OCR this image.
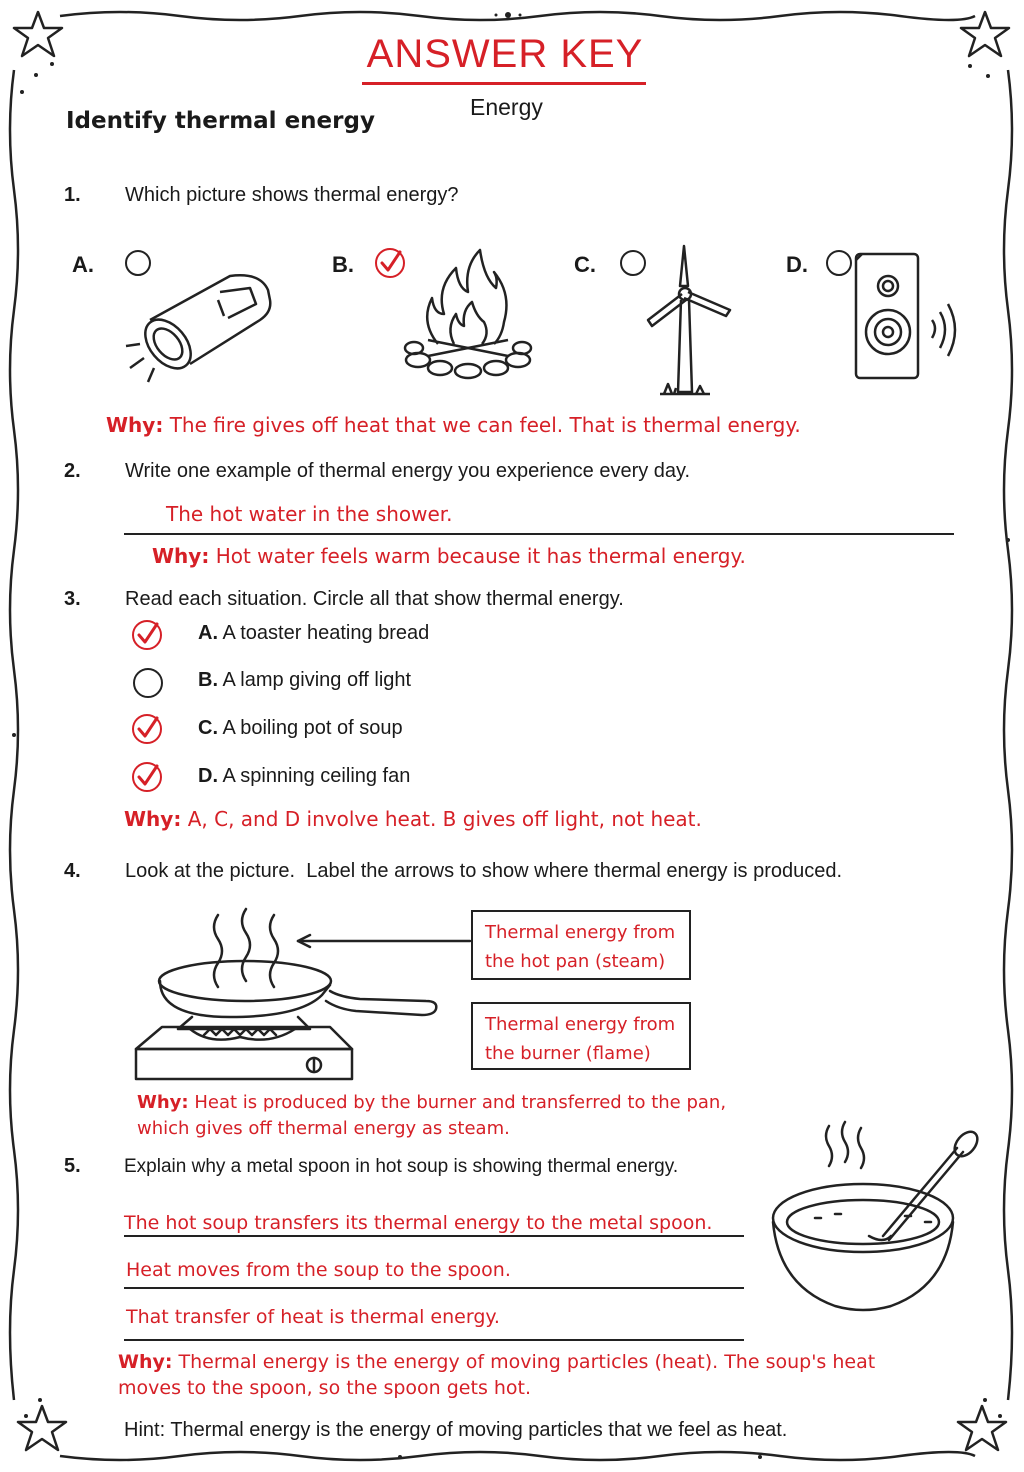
ANSWER KEY
Energy
Identify thermal energy
1. Which picture shows thermal energy?
A.	B.	C.	D.
Why: The fire gives off heat that we can feel. That is thermal energy.
2. Write one example of thermal energy you experience every day.
The hot water in the shower.
Why: Hot water feels warm because it has thermal energy.
3. Read each situation. Circle all that show thermal energy.
A. A toaster heating bread
B. A lamp giving off light
C. A boiling pot of soup
D. A spinning ceiling fan
Why: A, C, and D involve heat. B gives off light, not heat.
4. Look at the picture.  Label the arrows to show where thermal energy is produced.
Thermal energy from
the hot pan (steam)
Thermal energy from
the burner (flame)
Why: Heat is produced by the burner and transferred to the pan,
which gives off thermal energy as steam.
5. Explain why a metal spoon in hot soup is showing thermal energy.
The hot soup transfers its thermal energy to the metal spoon.
Heat moves from the soup to the spoon.
That transfer of heat is thermal energy.
Why: Thermal energy is the energy of moving particles (heat). The soup's heat
moves to the spoon, so the spoon gets hot.
Hint: Thermal energy is the energy of moving particles that we feel as heat.
